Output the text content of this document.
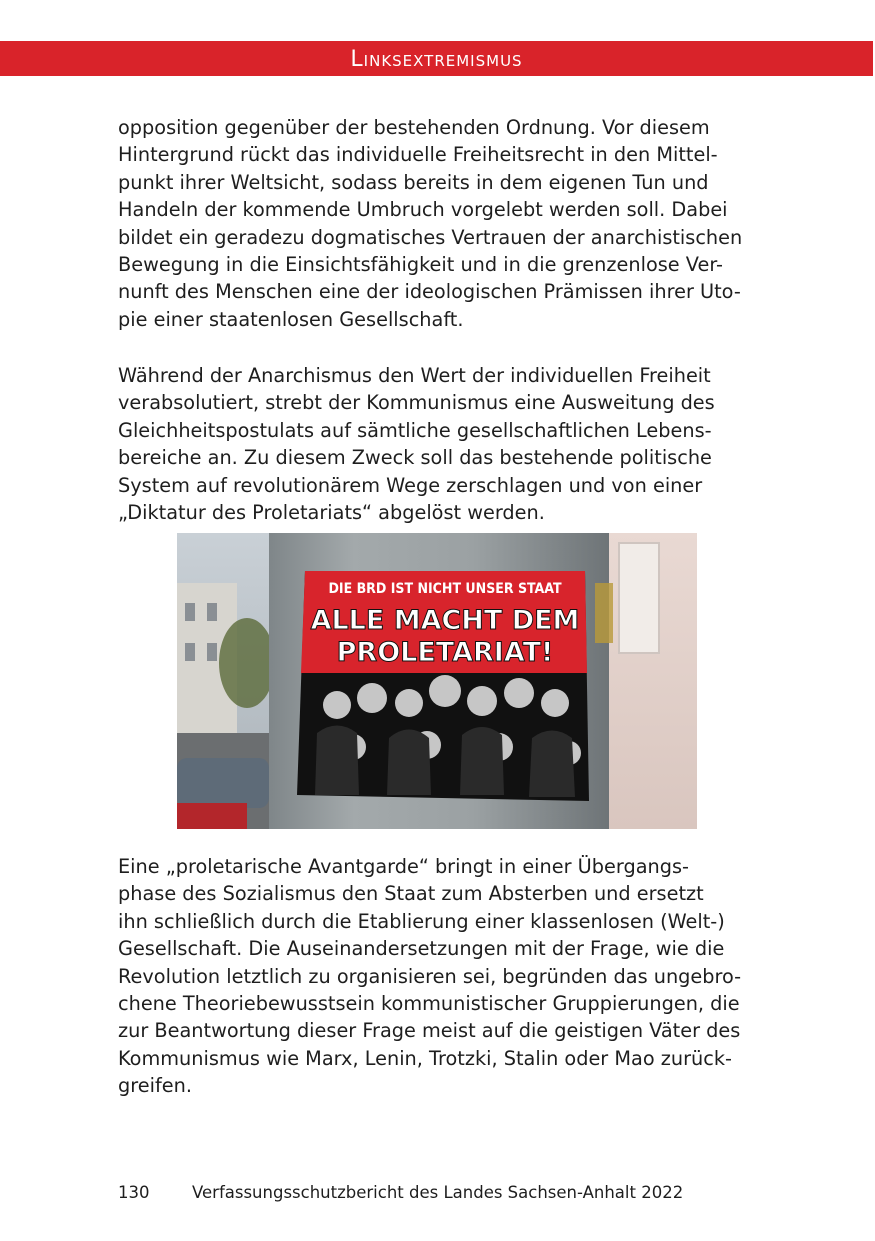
Linksextremismus
opposition gegenüber der bestehenden Ordnung. Vor diesem
Hintergrund rückt das individuelle Freiheitsrecht in den Mittel-
punkt ihrer Weltsicht, sodass bereits in dem eigenen Tun und
Handeln der kommende Umbruch vorgelebt werden soll. Dabei
bildet ein geradezu dogmatisches Vertrauen der anarchistischen
Bewegung in die Einsichtsfähigkeit und in die grenzenlose Ver-
nunft des Menschen eine der ideologischen Prämissen ihrer Uto-
pie einer staatenlosen Gesellschaft.
Während der Anarchismus den Wert der individuellen Freiheit
verabsolutiert, strebt der Kommunismus eine Ausweitung des
Gleichheitspostulats auf sämtliche gesellschaftlichen Lebens-
bereiche an. Zu diesem Zweck soll das bestehende politische
System auf revolutionärem Wege zerschlagen und von einer
„Diktatur des Proletariats“ abgelöst werden.
DIE BRD IST NICHT UNSER STAAT
ALLE MACHT DEM
PROLETARIAT!
Eine „proletarische Avantgarde“ bringt in einer Übergangs-
phase des Sozialismus den Staat zum Absterben und ersetzt
ihn schließlich durch die Etablierung einer klassenlosen (Welt-)
Gesellschaft. Die Auseinandersetzungen mit der Frage, wie die
Revolution letztlich zu organisieren sei, begründen das ungebro-
chene Theoriebewusstsein kommunistischer Gruppierungen, die
zur Beantwortung dieser Frage meist auf die geistigen Väter des
Kommunismus wie Marx, Lenin, Trotzki, Stalin oder Mao zurück-
greifen.
130	Verfassungsschutzbericht des Landes Sachsen-Anhalt 2022
